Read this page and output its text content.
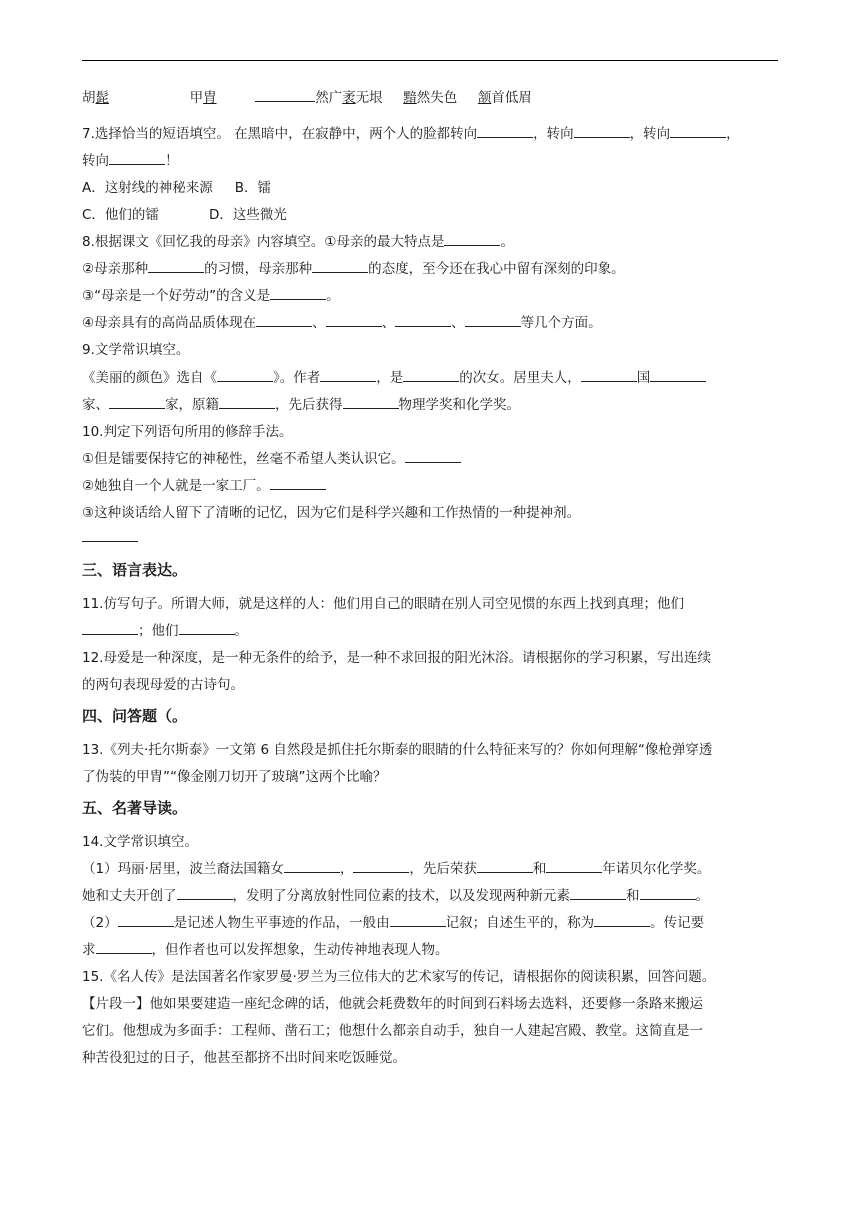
胡髭	甲胄	然广袤无垠 黯然失色 颔首低眉
7.选择恰当的短语填空。 在黑暗中，在寂静中，两个人的脸都转向	，转向	，转向	，
转向	！
A．这射线的神秘来源 B．镭
C．他们的镭	D．这些微光
8.根据课文《回忆我的母亲》内容填空。①母亲的最大特点是	。
②母亲那种	的习惯，母亲那种	的态度，至今还在我心中留有深刻的印象。
③“母亲是一个好劳动”的含义是	。
④母亲具有的高尚品质体现在	、	、	、	等几个方面。
9.文学常识填空。
《美丽的颜色》选自《	》。作者	，是	的次女。居里夫人，	国
家、	家，原籍	，先后获得	物理学奖和化学奖。
10.判定下列语句所用的修辞手法。
①但是镭要保持它的神秘性，丝毫不希望人类认识它。
②她独自一个人就是一家工厂。
③这种谈话给人留下了清晰的记忆，因为它们是科学兴趣和工作热情的一种提神剂。
三、语言表达。
11.仿写句子。所谓大师，就是这样的人：他们用自己的眼睛在别人司空见惯的东西上找到真理；他们
；他们	。
12.母爱是一种深度，是一种无条件的给予，是一种不求回报的阳光沐浴。请根据你的学习积累，写出连续
的两句表现母爱的古诗句。
四、问答题（。
13.《列夫·托尔斯泰》一文第 6 自然段是抓住托尔斯泰的眼睛的什么特征来写的？你如何理解“像枪弹穿透
了伪装的甲胄”“像金刚刀切开了玻璃”这两个比喻？
五、名著导读。
14.文学常识填空。
（1）玛丽·居里，波兰裔法国籍女	，	，先后荣获	和	年诺贝尔化学奖。
她和丈夫开创了	，发明了分离放射性同位素的技术，以及发现两种新元素	和	。
（2）	是记述人物生平事迹的作品，一般由	记叙；自述生平的，称为	。传记要
求	，但作者也可以发挥想象，生动传神地表现人物。
15.《名人传》是法国著名作家罗曼·罗兰为三位伟大的艺术家写的传记，请根据你的阅读积累，回答问题。
【片段一】他如果要建造一座纪念碑的话，他就会耗费数年的时间到石料场去选料，还要修一条路来搬运
它们。他想成为多面手：工程师、凿石工；他想什么都亲自动手，独自一人建起宫殿、教堂。这简直是一
种苦役犯过的日子，他甚至都挤不出时间来吃饭睡觉。
